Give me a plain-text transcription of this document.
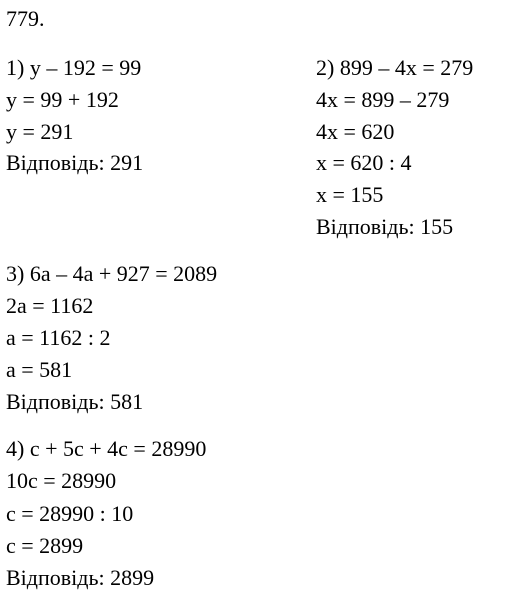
779.
1) y – 192 = 99
y = 99 + 192
y = 291
Відповідь: 291
2) 899 – 4x = 279
4x = 899 – 279
4x = 620
x = 620 : 4
x = 155
Відповідь: 155
3) 6a – 4a + 927 = 2089
2a = 1162
a = 1162 : 2
a = 581
Відповідь: 581
4) c + 5c + 4c = 28990
10c = 28990
c = 28990 : 10
c = 2899
Відповідь: 2899
